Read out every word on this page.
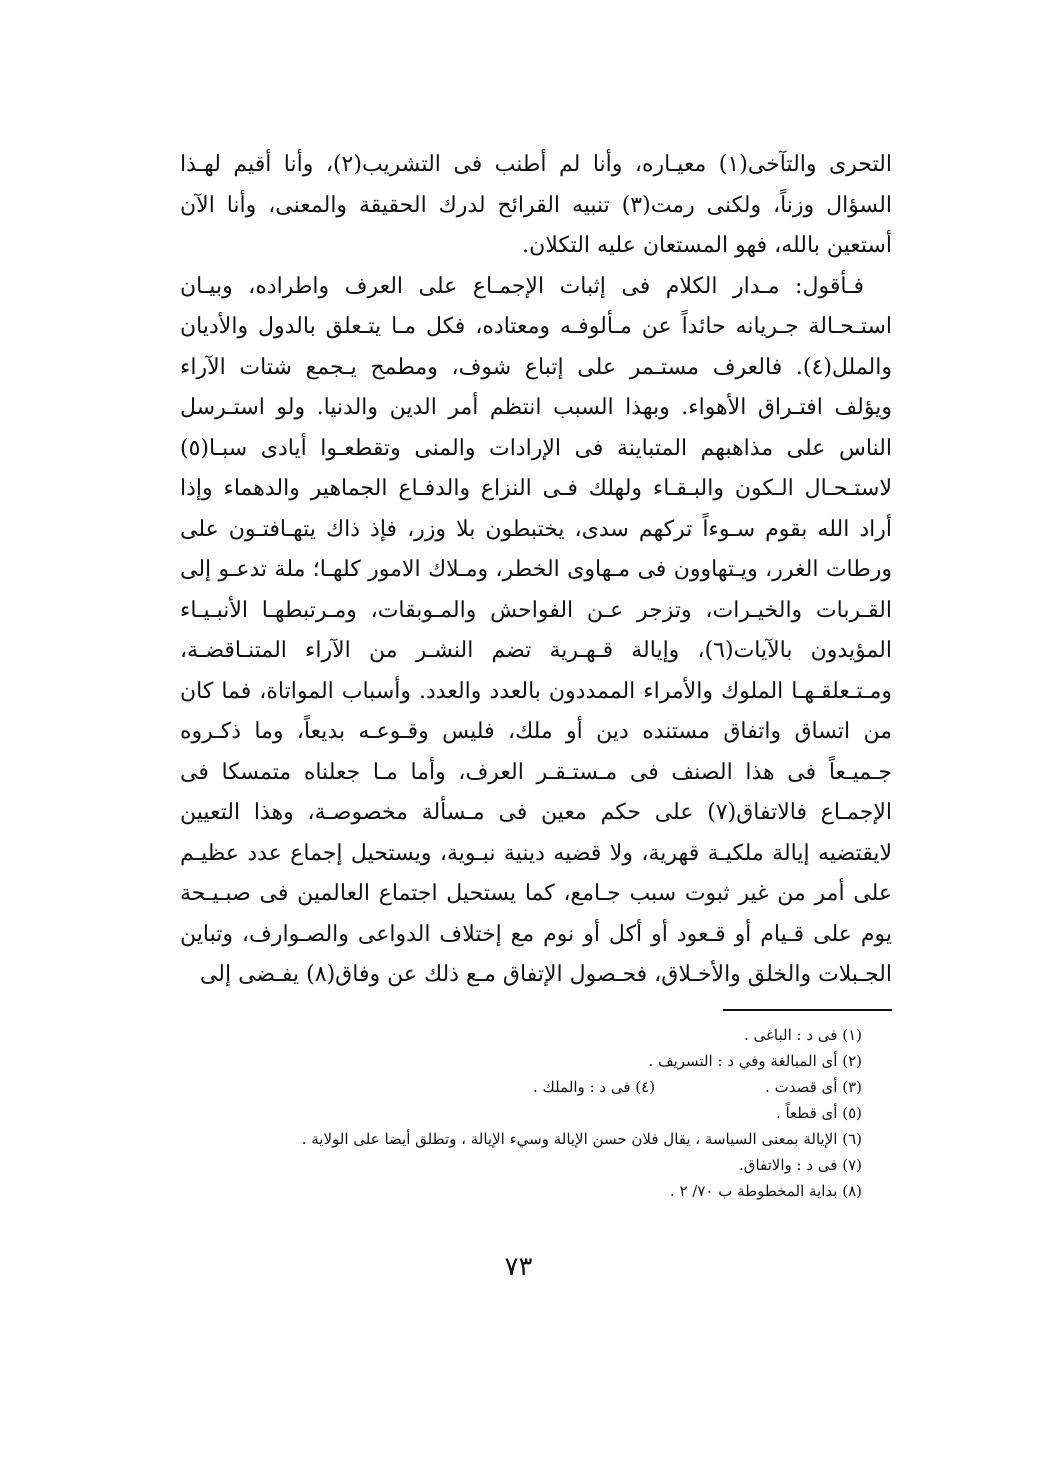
التحرى والتآخى(١) معيـاره، وأنا لم أطنب فى التشريب(٢)، وأنا أقيم لهـذا السؤال وزناً، ولكنى رمت(٣) تنبيه القرائح لدرك الحقيقة والمعنى، وأنا الآن أستعين بالله، فهو المستعان عليه التكلان.

فـأقول: مـدار الكلام فى إثبات الإجمـاع على العرف واطراده، وبيـان استـحـالة جـريانه حائداً عن مـألوفـه ومعتاده، فكل مـا يتـعلق بالدول والأديان والملل(٤). فالعرف مستـمر على إتباع شوف، ومطمح يـجمع شتات الآراء ويؤلف افتـراق الأهواء. وبهذا السبب انتظم أمر الدين والدنيا. ولو استـرسل الناس على مذاهبهم المتباينة فى الإرادات والمنى وتقطعـوا أيادى سبـا(٥) لاستـحـال الـكون والبـقـاء ولهلك فـى النزاع والدفـاع الجماهير والدهماء وإذا أراد الله بقوم سـوءاً تركهم سدى، يختبطون بلا وزر، فإذ ذاك يتهـافتـون على ورطات الغرر، ويـتهاوون فى مـهاوى الخطر، ومـلاك الامور كلهـا؛ ملة تدعـو إلى القـربات والخيـرات، وتزجر عـن الفواحش والمـوبقات، ومـرتبطهـا الأنبـيـاء المؤيدون بالآيات(٦)، وإيالة قـهـرية تضم النشـر من الآراء المتنـاقضـة، ومـتـعلقـهـا الملوك والأمراء الممددون بالعدد والعدد. وأسباب المواتاة، فما كان من اتساق واتفاق مستنده دين أو ملك، فليس وقـوعـه بديعاً، وما ذكـروه جـميـعاً فى هذا الصنف فى مـستـقـر العرف، وأما مـا جعلناه متمسكا فى الإجمـاع فالاتفاق(٧) على حكم معين فى مـسألة مخصوصـة، وهذا التعيين لايقتضيه إيالة ملكيـة قهرية، ولا قضيه دينية نبـوية، ويستحيل إجماع عدد عظيـم على أمر من غير ثبوت سبب جـامع، كما يستحيل اجتماع العالمين فى صبـيـحة يوم على قـيام أو قـعود أو أكل أو نوم مع إختلاف الدواعى والصـوارف، وتباين الجـبلات والخلق والأخـلاق، فحـصول الإتفاق مـع ذلك عن وفاق(٨) يفـضى إلى

(١) فى د : الباغى .
(٢) أى المبالغة وفي د : التسريف .
(٣) أى قصدت .
(٤) فى د : والملك .
(٥) أى قطعاً .
(٦) الإيالة بمعنى السياسة ، يقال فلان حسن الإيالة وسيء الإيالة ، وتطلق أيضا على الولاية .
(٧) فى د : والاتفاق.
(٨) بداية المخطوطة ب ٧٠/ ٢ .
٧٣
